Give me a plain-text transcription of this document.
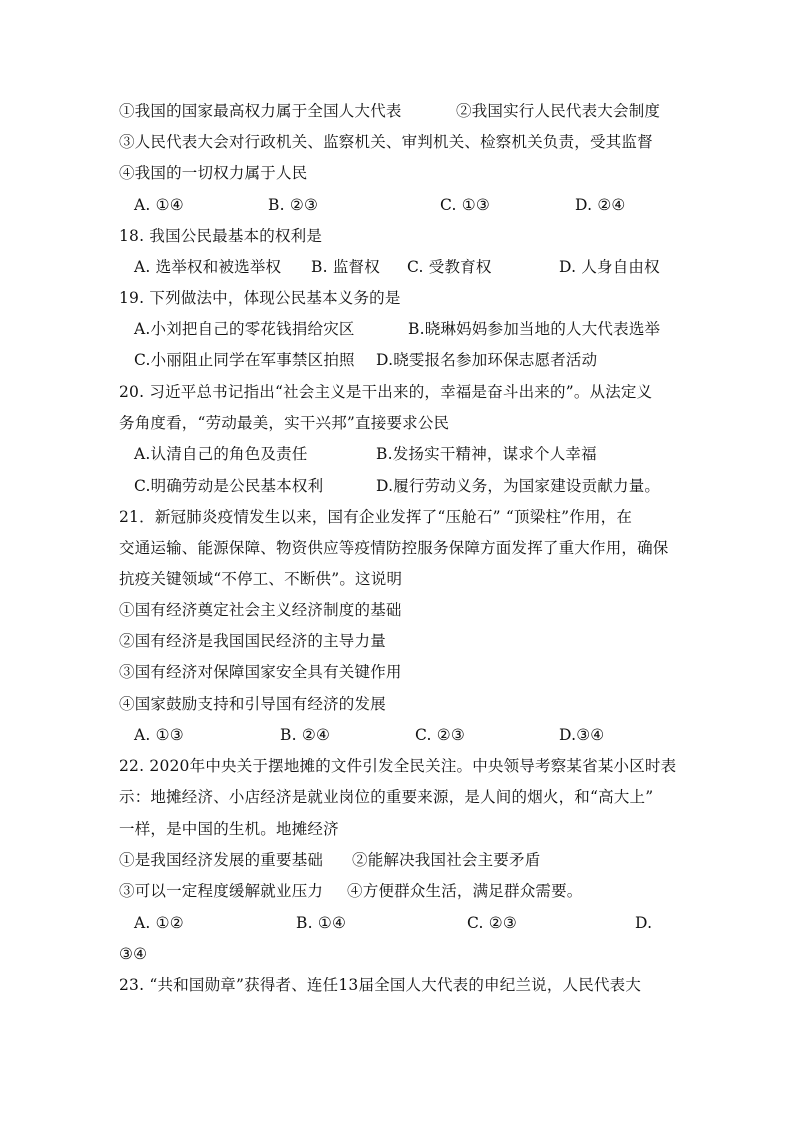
①我国的国家最高权力属于全国人大代表	②我国实行人民代表大会制度
③人民代表大会对行政机关、监察机关、审判机关、检察机关负责，受其监督
④我国的一切权力属于人民
A. ①④	B. ②③	C. ①③	D. ②④
18. 我国公民最基本的权利是
A. 选举权和被选举权 B. 监督权 C. 受教育权	D. 人身自由权
19. 下列做法中，体现公民基本义务的是
A.小刘把自己的零花钱捐给灾区	B.晓琳妈妈参加当地的人大代表选举
C.小丽阻止同学在军事禁区拍照 D.晓雯报名参加环保志愿者活动
20. 习近平总书记指出“社会主义是干出来的，幸福是奋斗出来的”。从法定义
务角度看，“劳动最美，实干兴邦”直接要求公民
A.认清自己的角色及责任	B.发扬实干精神，谋求个人幸福
C.明确劳动是公民基本权利	D.履行劳动义务，为国家建设贡献力量。
21．新冠肺炎疫情发生以来，国有企业发挥了“压舱石” “顶梁柱”作用，在
交通运输、能源保障、物资供应等疫情防控服务保障方面发挥了重大作用，确保
抗疫关键领域“不停工、不断供”。这说明
①国有经济奠定社会主义经济制度的基础
②国有经济是我国国民经济的主导力量
③国有经济对保障国家安全具有关键作用
④国家鼓励支持和引导国有经济的发展
A. ①③	B. ②④	C. ②③	D.③④
22. 2020年中央关于摆地摊的文件引发全民关注。中央领导考察某省某小区时表
示：地摊经济、小店经济是就业岗位的重要来源，是人间的烟火，和“高大上”
一样，是中国的生机。地摊经济
①是我国经济发展的重要基础 ②能解决我国社会主要矛盾
③可以一定程度缓解就业压力 ④方便群众生活，满足群众需要。
A. ①②	B. ①④	C. ②③	D.
③④
23. “共和国勋章”获得者、连任13届全国人大代表的申纪兰说，人民代表大
